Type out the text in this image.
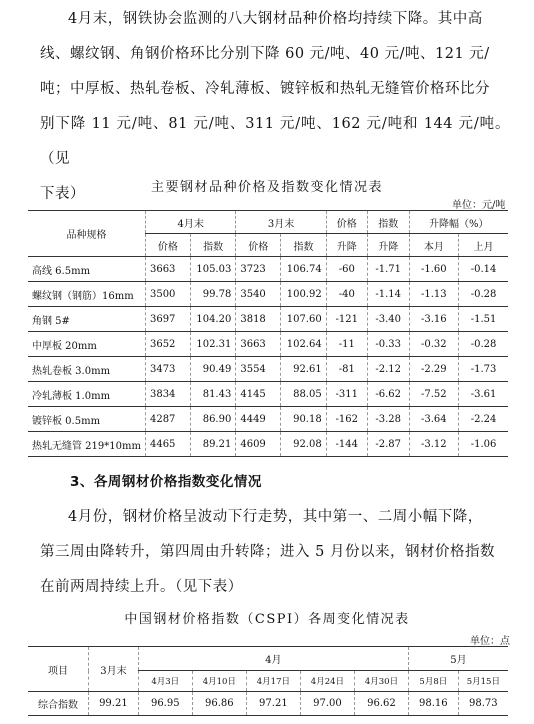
4月末，钢铁协会监测的八大钢材品种价格均持续下降。其中高
线、螺纹钢、角钢价格环比分别下降 60 元/吨、40 元/吨、121 元/
吨；中厚板、热轧卷板、冷轧薄板、镀锌板和热轧无缝管价格环比分
别下降 11 元/吨、81 元/吨、311 元/吨、162 元/吨和 144 元/吨。（见
下表）	主要钢材品种价格及指数变化情况表
单位：元/吨
品种规格	4月末		3月末		价格	指数	升降幅（%）	
	价格	指数	价格	指数	升降	升降	本月	上月
高线 6.5mm	3663	105.03	3723	106.74	-60	-1.71	-1.60	-0.14
螺纹钢（钢筋）16mm	3500	99.78	3540	100.92	-40	-1.14	-1.13	-0.28
角钢 5#	3697	104.20	3818	107.60	-121	-3.40	-3.16	-1.51
中厚板 20mm	3652	102.31	3663	102.64	-11	-0.33	-0.32	-0.28
热轧卷板 3.0mm	3473	90.49	3554	92.61	-81	-2.12	-2.29	-1.73
冷轧薄板 1.0mm	3834	81.43	4145	88.05	-311	-6.62	-7.52	-3.61
镀锌板 0.5mm	4287	86.90	4449	90.18	-162	-3.28	-3.64	-2.24
热轧无缝管 219*10mm	4465	89.21	4609	92.08	-144	-2.87	-3.12	-1.06
3、各周钢材价格指数变化情况
4月份，钢材价格呈波动下行走势，其中第一、二周小幅下降，
第三周由降转升，第四周由升转降；进入 5 月份以来，钢材价格指数
在前两周持续上升。（见下表）
中国钢材价格指数（CSPI）各周变化情况表
单位：点
项目	3月末	4月					5月	
		4月3日	4月10日	4月17日	4月24日	4月30日	5月8日	5月15日
综合指数	99.21	96.95	96.86	97.21	97.00	96.62	98.16	98.73
